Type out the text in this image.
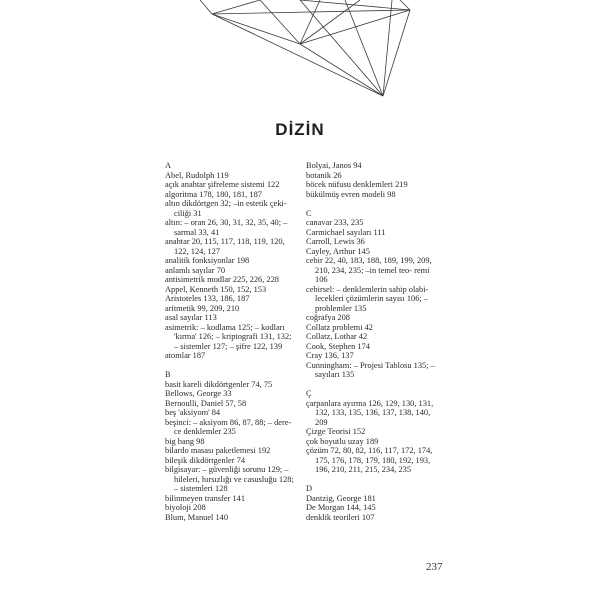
DİZİN
A
Abel, Rudolph 119
açık anahtar şifreleme sistemi 122
algoritma 178, 180, 181, 187
altın dikdörtgen 32; –in estetik çeki- ciliği 31
altın: – oran 26, 30, 31, 32, 35, 40; – sarmal 33, 41
anahtar 20, 115, 117, 118, 119, 120, 122, 124, 127
analitik fonksiyonlar 198
anlamlı sayılar 70
antisimetrik modlar 225, 226, 228
Appel, Kenneth 150, 152, 153
Aristoteles 133, 186, 187
aritmetik 99, 209, 210
asal sayılar 113
asimetrik: – kodlama 125; – kodları 'kırma' 126; – kriptografi 131, 132; – sistemler 127; – şifre 122, 139
atomlar 187
B
basit kareli dikdörtgenler 74, 75
Bellows, George 33
Bernoulli, Daniel 57, 58
beş 'aksiyom' 84
beşinci: – aksiyom 86, 87, 88; – dere- ce denklemler 235
big bang 98
bilardo masası paketlemesi 192
bileşik dikdörtgenler 74
bilgisayar: – güvenliği sorunu 129; – hileleri, hırsızlığı ve casusluğu 128; – sistemleri 128
bilinmeyen transfer 141
biyoloji 208
Blum, Manuel 140
Bolyai, Janos 94
botanik 26
böcek nüfusu denklemleri 219
bükülmüş evren modeli 98
C
canavar 233, 235
Carmichael sayıları 111
Carroll, Lewis 36
Cayley, Arthur 145
cebir 22, 40, 183, 188, 189, 199, 209, 210, 234, 235; –in temel teo- remi 106
cebirsel: – denklemlerin sahip olabi- lecekleri çözümlerin sayısı 106; – problemler 135
coğrafya 208
Collatz problemi 42
Collatz, Lothar 42
Cook, Stephen 174
Cray 136, 137
Cunningham: – Projesi Tablosu 135; – sayıları 135
Ç
çarpanlara ayırma 126, 129, 130, 131, 132, 133, 135, 136, 137, 138, 140, 209
Çizge Teorisi 152
çok boyutlu uzay 189
çözüm 72, 80, 82, 116, 117, 172, 174, 175, 176, 178, 179, 180, 192, 193, 196, 210, 211, 215, 234, 235
D
Dantzig, George 181
De Morgan 144, 145
denklik teorileri 107
237
